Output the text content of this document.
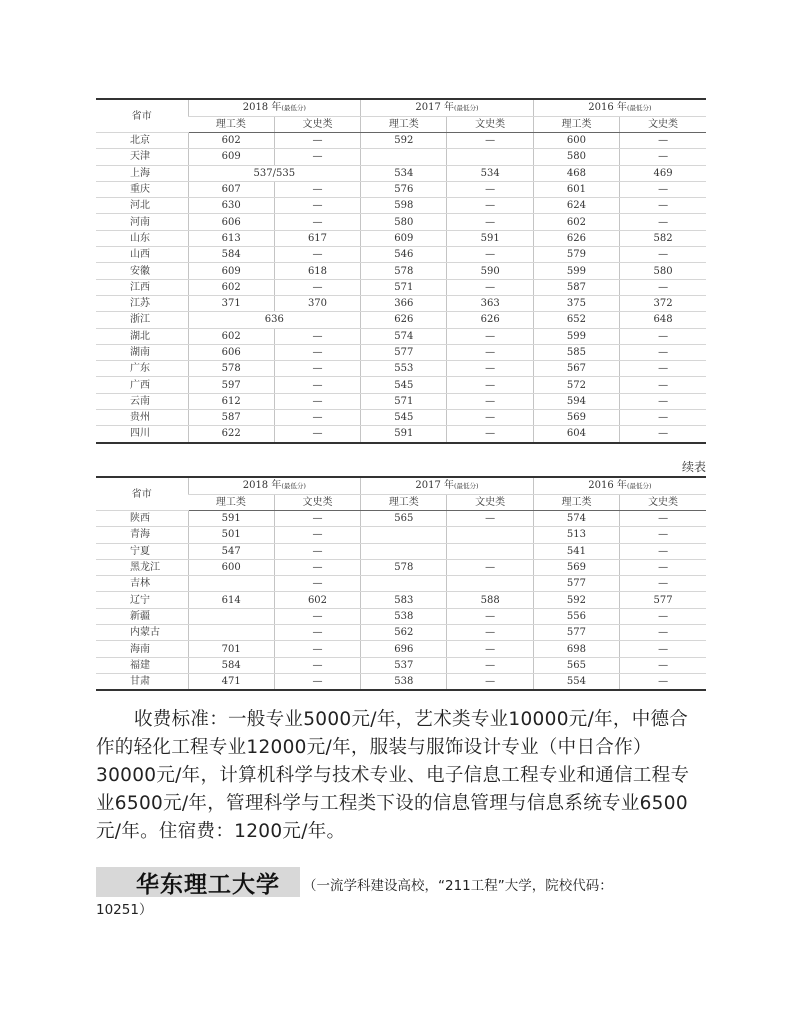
省市	2018 年(最低分)		2017 年(最低分)		2016 年(最低分)	
	理工类	文史类	理工类	文史类	理工类	文史类
北京	602	—	592	—	600	—
天津	609	—			580	—
上海	537/535		534	534	468	469
重庆	607	—	576	—	601	—
河北	630	—	598	—	624	—
河南	606	—	580	—	602	—
山东	613	617	609	591	626	582
山西	584	—	546	—	579	—
安徽	609	618	578	590	599	580
江西	602	—	571	—	587	—
江苏	371	370	366	363	375	372
浙江	636		626	626	652	648
湖北	602	—	574	—	599	—
湖南	606	—	577	—	585	—
广东	578	—	553	—	567	—
广西	597	—	545	—	572	—
云南	612	—	571	—	594	—
贵州	587	—	545	—	569	—
四川	622	—	591	—	604	—
续表
省市	2018 年(最低分)		2017 年(最低分)		2016 年(最低分)	
	理工类	文史类	理工类	文史类	理工类	文史类
陕西	591	—	565	—	574	—
青海	501	—			513	—
宁夏	547	—			541	—
黑龙江	600	—	578	—	569	—
吉林		—			577	—
辽宁	614	602	583	588	592	577
新疆		—	538	—	556	—
内蒙古		—	562	—	577	—
海南	701	—	696	—	698	—
福建	584	—	537	—	565	—
甘肃	471	—	538	—	554	—

收费标准：一般专业5000元/年，艺术类专业10000元/年，中德合作的轻化工程专业12000元/年，服装与服饰设计专业（中日合作）30000元/年，计算机科学与技术专业、电子信息工程专业和通信工程专业6500元/年，管理科学与工程类下设的信息管理与信息系统专业6500元/年。住宿费：1200元/年。

华东理工大学 （一流学科建设高校，“211工程”大学，院校代码：
10251）
